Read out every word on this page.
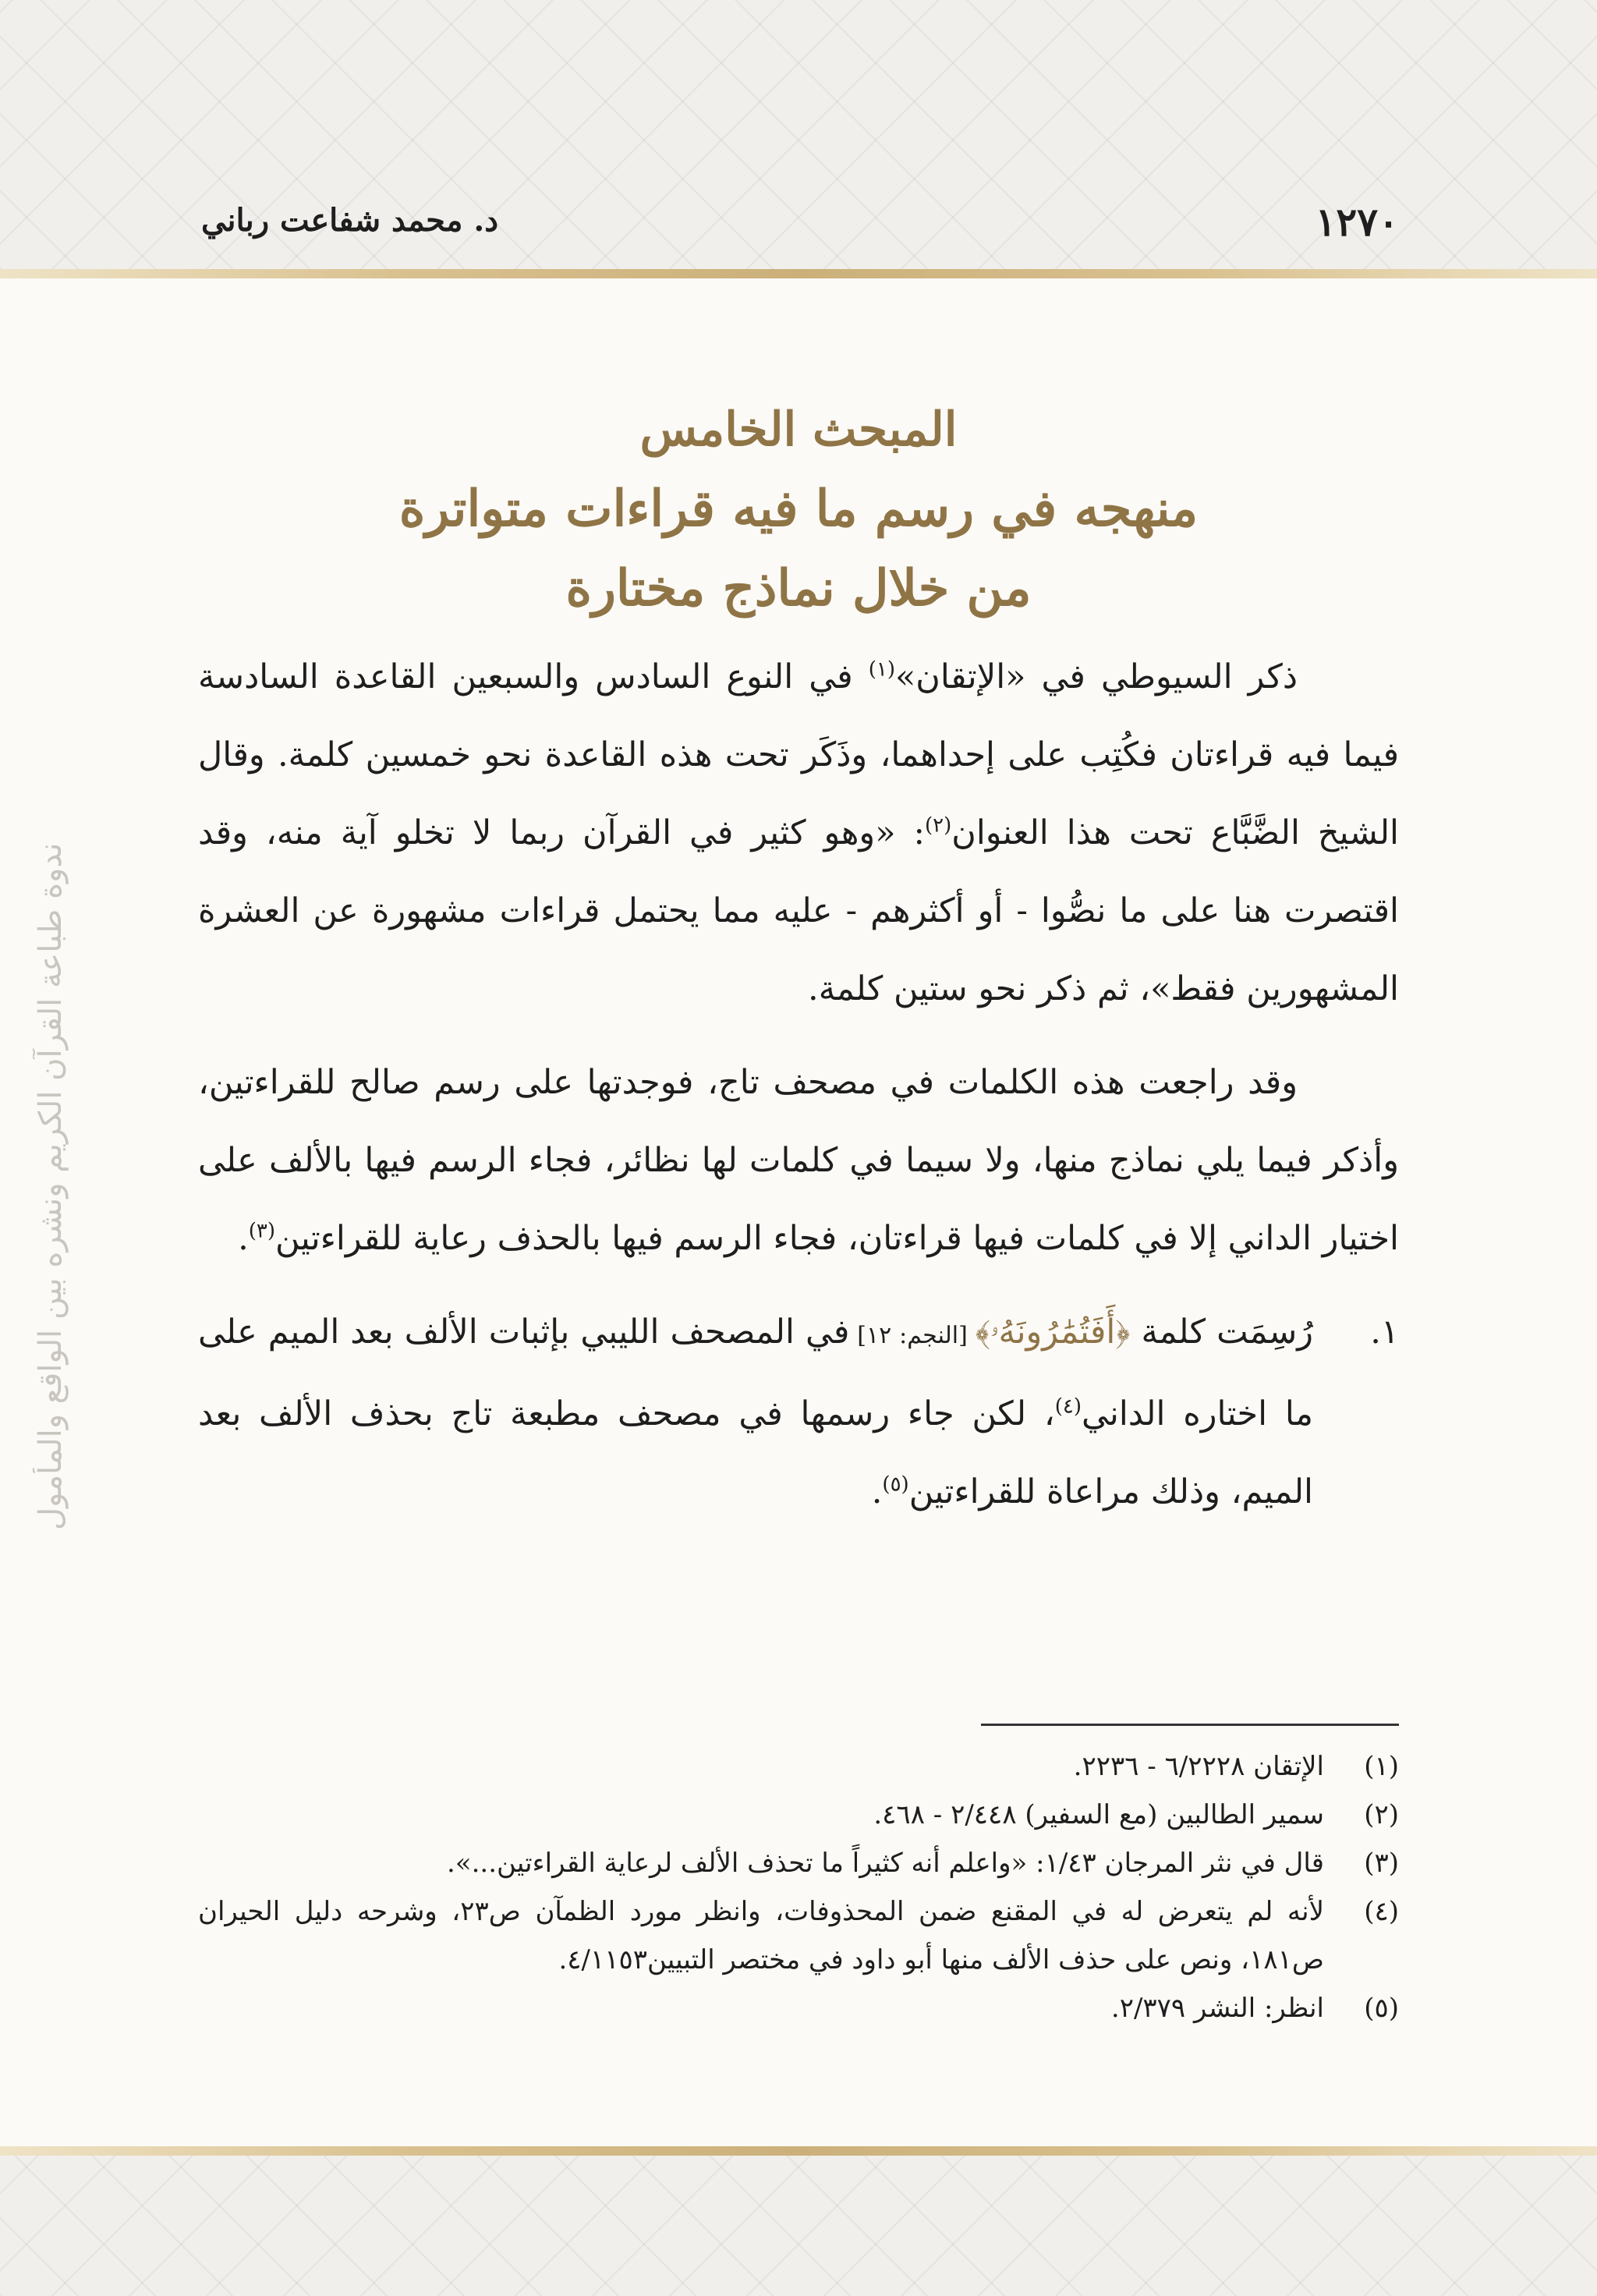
١٢٧٠
د. محمد شفاعت رباني
ندوة طباعة القرآن الكريم ونشره بين الواقع والمأمول
المبحث الخامس
منهجه في رسم ما فيه قراءات متواترة
من خلال نماذج مختارة

ذكر السيوطي في «الإتقان»$^{(١)}$ في النوع السادس والسبعين القاعدة السادسة فيما فيه قراءتان فكُتِب على إحداهما، وذَكَر تحت هذه القاعدة نحو خمسين كلمة. وقال الشيخ الضَّبَّاع تحت هذا العنوان$^{(٢)}$: «وهو كثير في القرآن ربما لا تخلو آية منه، وقد اقتصرت هنا على ما نصُّوا - أو أكثرهم - عليه مما يحتمل قراءات مشهورة عن العشرة المشهورين فقط»، ثم ذكر نحو ستين كلمة.

وقد راجعت هذه الكلمات في مصحف تاج، فوجدتها على رسم صالح للقراءتين، وأذكر فيما يلي نماذج منها، ولا سيما في كلمات لها نظائر، فجاء الرسم فيها بالألف على اختيار الداني إلا في كلمات فيها قراءتان، فجاء الرسم فيها بالحذف رعاية للقراءتين$^{(٣)}$.

١.
رُسِمَت كلمة ﴿أَفَتُمَٰرُونَهُۥ﴾ [النجم: ١٢] في المصحف الليبي بإثبات الألف بعد الميم على ما اختاره الداني$^{(٤)}$، لكن جاء رسمها في مصحف مطبعة تاج بحذف الألف بعد الميم، وذلك مراعاة للقراءتين$^{(٥)}$.
(١)
الإتقان ٦/٢٢٢٨ - ٢٢٣٦.
(٢)
سمير الطالبين (مع السفير) ٢/٤٤٨ - ٤٦٨.
(٣)
قال في نثر المرجان ١/٤٣: «واعلم أنه كثيراً ما تحذف الألف لرعاية القراءتين...».
(٤)
لأنه لم يتعرض له في المقنع ضمن المحذوفات، وانظر مورد الظمآن ص٢٣، وشرحه دليل الحيران ص١٨١، ونص على حذف الألف منها أبو داود في مختصر التبيين٤/١١٥٣.
(٥)
انظر: النشر ٢/٣٧٩.
